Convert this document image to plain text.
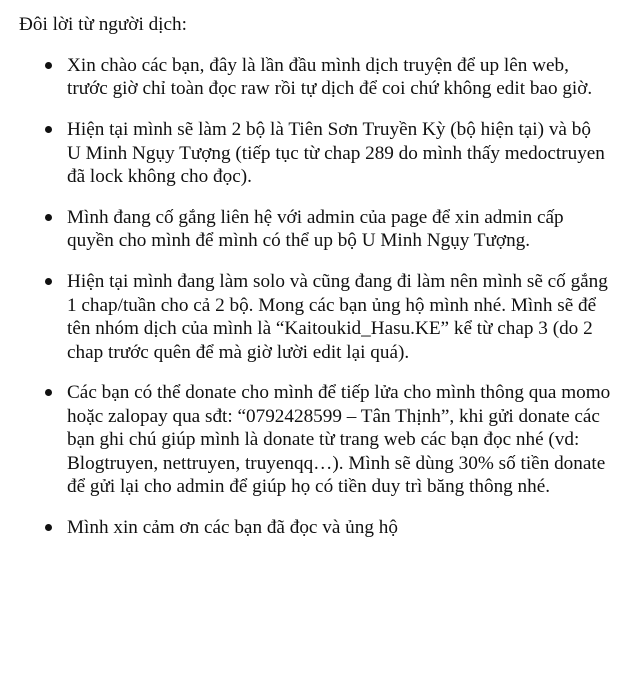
Đôi lời từ người dịch:
Xin chào các bạn, đây là lần đầu mình dịch truyện để up lên web,
trước giờ chỉ toàn đọc raw rồi tự dịch để coi chứ không edit bao giờ.
Hiện tại mình sẽ làm 2 bộ là Tiên Sơn Truyền Kỳ (bộ hiện tại) và bộ
U Minh Ngụy Tượng (tiếp tục từ chap 289 do mình thấy medoctruyen
đã lock không cho đọc).
Mình đang cố gắng liên hệ với admin của page để xin admin cấp
quyền cho mình để mình có thể up bộ U Minh Ngụy Tượng.
Hiện tại mình đang làm solo và cũng đang đi làm nên mình sẽ cố gắng
1 chap/tuần cho cả 2 bộ. Mong các bạn ủng hộ mình nhé. Mình sẽ để
tên nhóm dịch của mình là “Kaitoukid_Hasu.KE” kể từ chap 3 (do 2
chap trước quên để mà giờ lười edit lại quá).
Các bạn có thể donate cho mình để tiếp lửa cho mình thông qua momo
hoặc zalopay qua sđt: “0792428599 – Tân Thịnh”, khi gửi donate các
bạn ghi chú giúp mình là donate từ trang web các bạn đọc nhé (vd:
Blogtruyen, nettruyen, truyenqq…). Mình sẽ dùng 30% số tiền donate
để gửi lại cho admin để giúp họ có tiền duy trì băng thông nhé.
Mình xin cảm ơn các bạn đã đọc và ủng hộ
